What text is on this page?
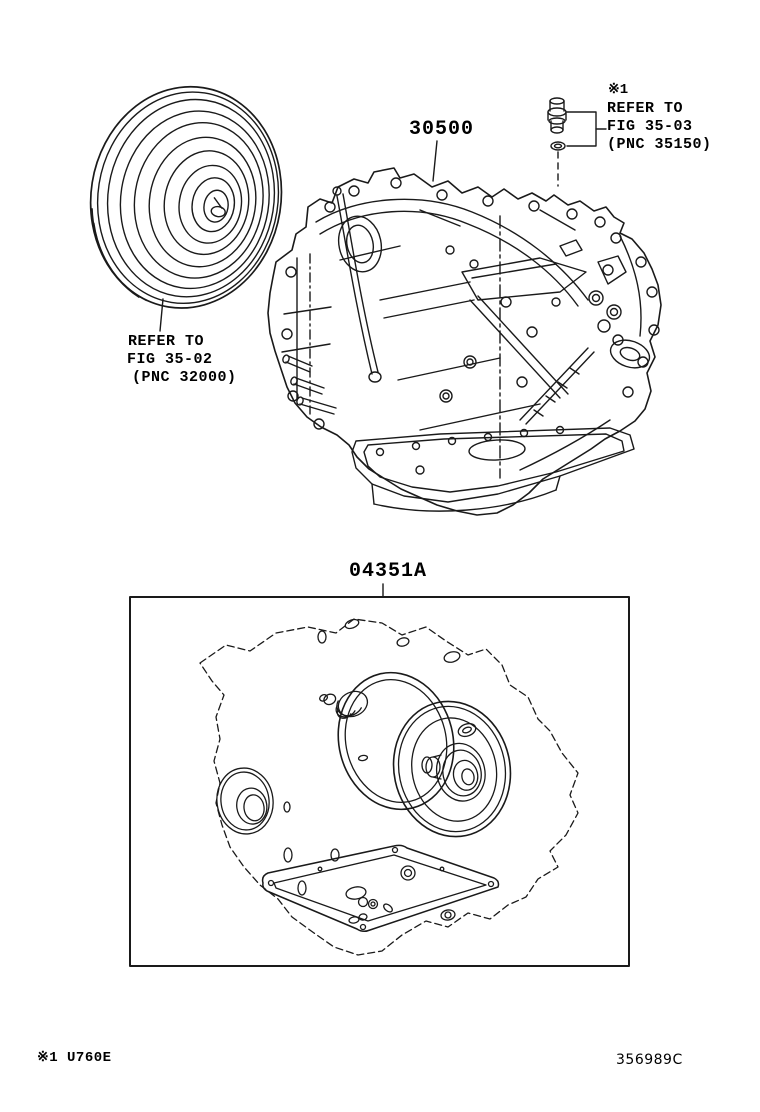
30500
※1
REFER TO
FIG 35-03
(PNC 35150)
REFER TO
FIG 35-02
(PNC 32000)
04351A
※1 U760E	356989C
